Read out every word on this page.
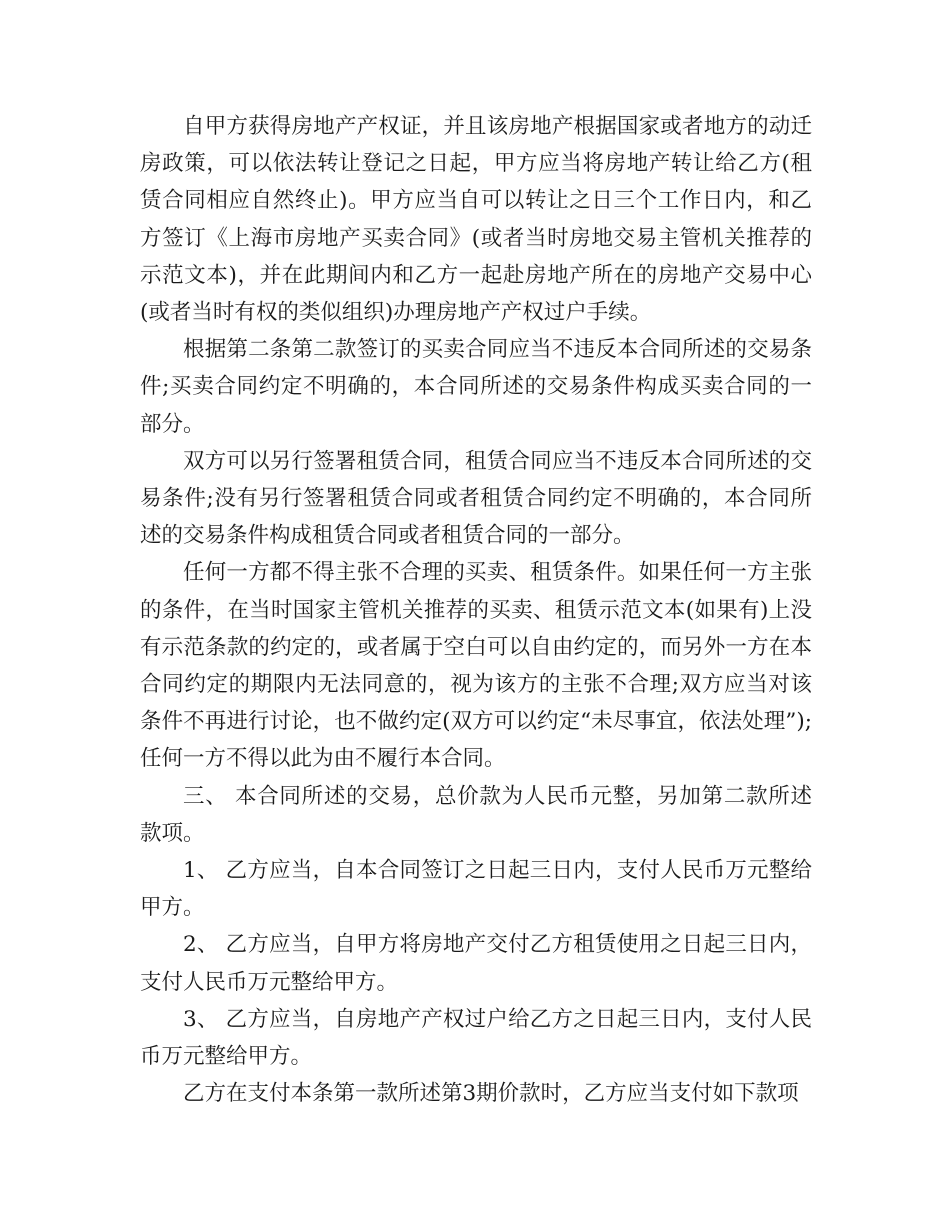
自甲方获得房地产产权证，并且该房地产根据国家或者地方的动迁房政策，可以依法转让登记之日起，甲方应当将房地产转让给乙方(租赁合同相应自然终止)。甲方应当自可以转让之日三个工作日内，和乙方签订《上海市房地产买卖合同》(或者当时房地交易主管机关推荐的示范文本)，并在此期间内和乙方一起赴房地产所在的房地产交易中心(或者当时有权的类似组织)办理房地产产权过户手续。

根据第二条第二款签订的买卖合同应当不违反本合同所述的交易条件;买卖合同约定不明确的，本合同所述的交易条件构成买卖合同的一部分。

双方可以另行签署租赁合同，租赁合同应当不违反本合同所述的交易条件;没有另行签署租赁合同或者租赁合同约定不明确的，本合同所述的交易条件构成租赁合同或者租赁合同的一部分。

任何一方都不得主张不合理的买卖、租赁条件。如果任何一方主张的条件，在当时国家主管机关推荐的买卖、租赁示范文本(如果有)上没有示范条款的约定的，或者属于空白可以自由约定的，而另外一方在本合同约定的期限内无法同意的，视为该方的主张不合理;双方应当对该条件不再进行讨论，也不做约定(双方可以约定“未尽事宜，依法处理”);任何一方不得以此为由不履行本合同。

三、 本合同所述的交易，总价款为人民币元整，另加第二款所述款项。

1、 乙方应当，自本合同签订之日起三日内，支付人民币万元整给甲方。

2、 乙方应当，自甲方将房地产交付乙方租赁使用之日起三日内，支付人民币万元整给甲方。

3、 乙方应当，自房地产产权过户给乙方之日起三日内，支付人民币万元整给甲方。

乙方在支付本条第一款所述第3期价款时，乙方应当支付如下款项
